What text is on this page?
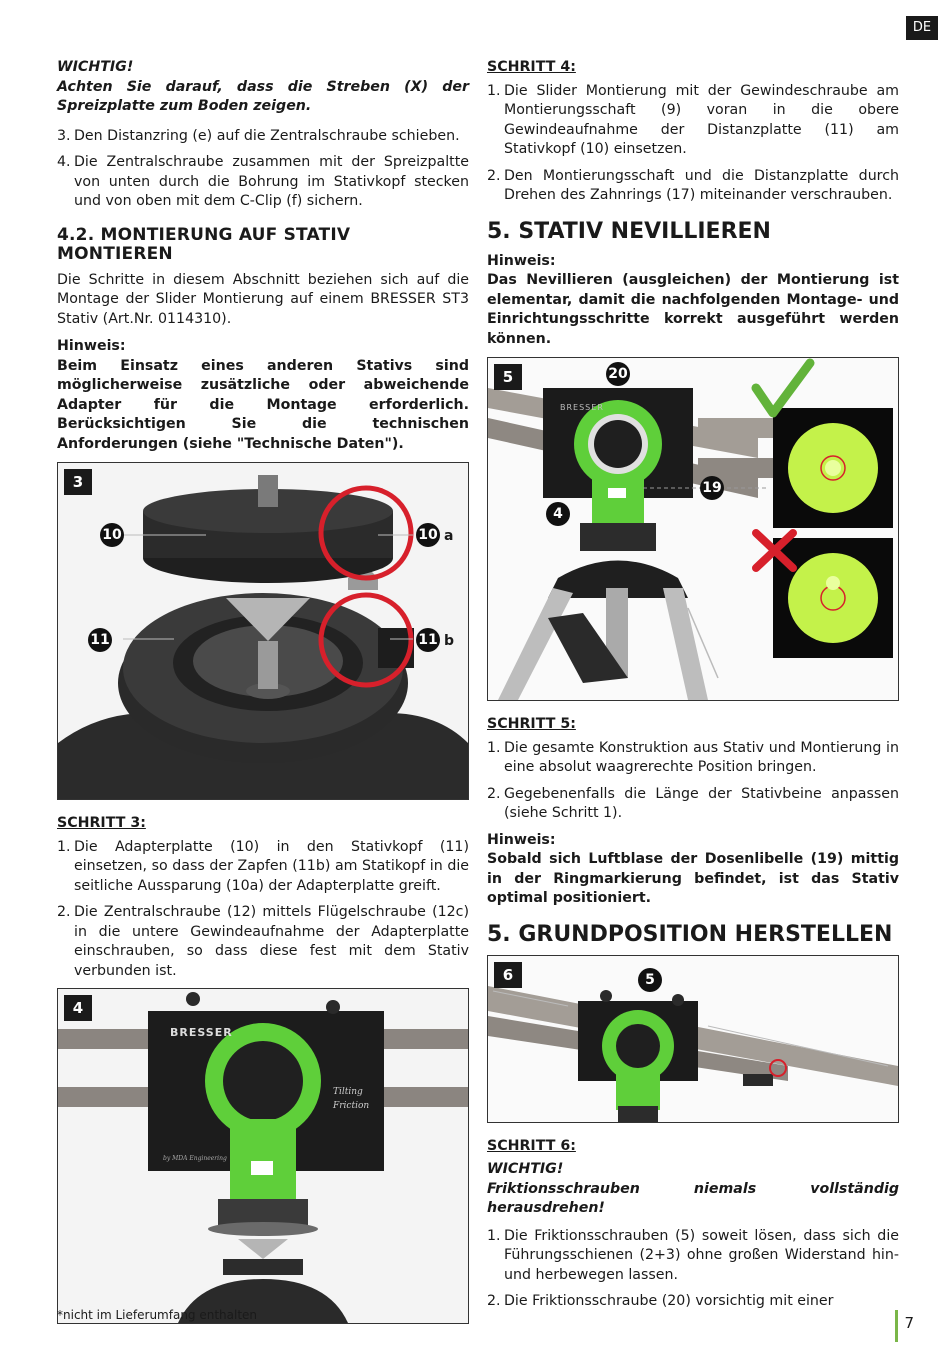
DE
WICHTIG!
Achten Sie darauf, dass die Streben (X) der Spreizplatte zum Boden zeigen.
3. Den Distanzring (e) auf die Zentralschraube schieben.
4. Die Zentralschraube zusammen mit der Spreizpaltte von unten durch die Bohrung im Stativkopf stecken und von oben mit dem C-Clip (f) sichern.
4.2. MONTIERUNG AUF STATIV MONTIEREN
Die Schritte in diesem Abschnitt beziehen sich auf die Montage der Slider Montierung auf einem BRESSER ST3 Stativ (Art.Nr. 0114310).
Hinweis:
Beim Einsatz eines anderen Stativs sind möglicherweise zusätzliche oder abweichende Adapter für die Montage erforderlich. Berücksichtigen Sie die technischen Anforderungen (siehe "Technische Daten").
3
10	10 a
11	11 b
SCHRITT 3:
1. Die Adapterplatte (10) in den Stativkopf (11) einsetzen, so dass der Zapfen (11b) am Statikopf in die seitliche Aussparung (10a) der Adapterplatte greift.
2. Die Zentralschraube (12) mittels Flügelschraube (12c) in die untere Gewindeaufnahme der Adapterplatte einschrauben, so dass diese fest mit dem Stativ verbunden ist.
4
BRESSER
Tilting
Friction
by MDA Engineering
SCHRITT 4:
1. Die Slider Montierung mit der Gewindeschraube am Montierungsschaft (9) voran in die obere Gewindeaufnahme der Distanzplatte (11) am Stativkopf (10) einsetzen.
2. Den Montierungsschaft und die Distanzplatte durch Drehen des Zahnrings (17) miteinander verschrauben.
5. STATIV NEVILLIEREN
Hinweis:
Das Nevillieren (ausgleichen) der Montierung ist elementar, damit die nachfolgenden Montage- und Einrichtungsschritte korrekt ausgeführt werden können.
5	20
4
19
BRESSER
SCHRITT 5:
1. Die gesamte Konstruktion aus Stativ und Montierung in eine absolut waagrerechte Position bringen.
2. Gegebenenfalls die Länge der Stativbeine anpassen (siehe Schritt 1).
Hinweis:
Sobald sich Luftblase der Dosenlibelle (19) mittig in der Ringmarkierung befindet, ist das Stativ optimal positioniert.
5. GRUNDPOSITION HERSTELLEN
6	5
SCHRITT 6:
WICHTIG!
Friktionsschrauben niemals vollständig herausdrehen!
1. Die Friktionsschrauben (5) soweit lösen, dass sich die Führungsschienen (2+3) ohne großen Widerstand hin- und herbewegen lassen.
2. Die Friktionsschraube (20) vorsichtig mit einer
*nicht im Lieferumfang enthalten	7
